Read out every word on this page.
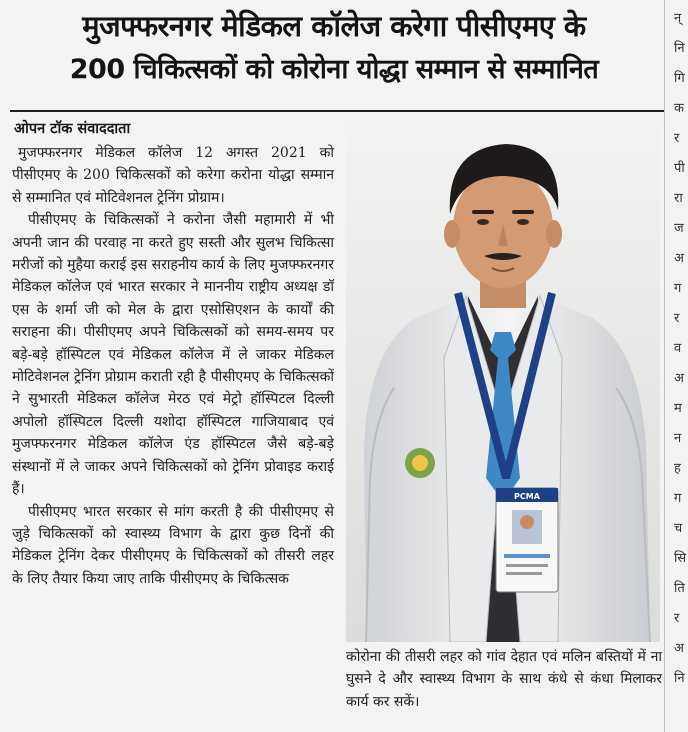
मुजफ्फरनगर मेडिकल कॉलेज करेगा पीसीएमए के
200 चिकित्सकों को कोरोना योद्धा सम्मान से सम्मानित
ओपन टॉक संवाददाता

मुजफ्फरनगर मेडिकल कॉलेज 12 अगस्त 2021 को पीसीएमए के 200 चिकित्सकों को करेगा करोना योद्धा सम्मान से सम्मानित एवं मोटिवेशनल ट्रेनिंग प्रोग्राम।

पीसीएमए के चिकित्सकों ने करोना जैसी महामारी में भी अपनी जान की परवाह ना करते हुए सस्ती और सुलभ चिकित्सा मरीजों को मुहैया कराई इस सराहनीय कार्य के लिए मुजफ्फरनगर मेडिकल कॉलेज एवं भारत सरकार ने माननीय राष्ट्रीय अध्यक्ष डॉ एस के शर्मा जी को मेल के द्वारा एसोसिएशन के कार्यों की सराहना की। पीसीएमए अपने चिकित्सकों को समय-समय पर बड़े-बड़े हॉस्पिटल एवं मेडिकल कॉलेज में ले जाकर मेडिकल मोटिवेशनल ट्रेनिंग प्रोग्राम कराती रही है पीसीएमए के चिकित्सकों ने सुभारती मेडिकल कॉलेज मेरठ एवं मेट्रो हॉस्पिटल दिल्ली अपोलो हॉस्पिटल दिल्ली यशोदा हॉस्पिटल गाजियाबाद एवं मुजफ्फरनगर मेडिकल कॉलेज एंड हॉस्पिटल जैसे बड़े-बड़े संस्थानों में ले जाकर अपने चिकित्सकों को ट्रेनिंग प्रोवाइड कराई हैं।

पीसीएमए भारत सरकार से मांग करती है की पीसीएमए से जुड़े चिकित्सकों को स्वास्थ्य विभाग के द्वारा कुछ दिनों की मेडिकल ट्रेनिंग देकर पीसीएमए के चिकित्सकों को तीसरी लहर के लिए तैयार किया जाए ताकि पीसीएमए के चिकित्सक

PCMA
कोरोना की तीसरी लहर को गांव देहात एवं मलिन बस्तियों में ना घुसने दे और स्वास्थ्य विभाग के साथ कंधे से कंधा मिलाकर कार्य कर सकें।
न्
नि
गि
क
र
पी
रा
ज
अ
ग
र
व
अ
म
न
ह
ग
च
सि
ति
र
अ
नि
